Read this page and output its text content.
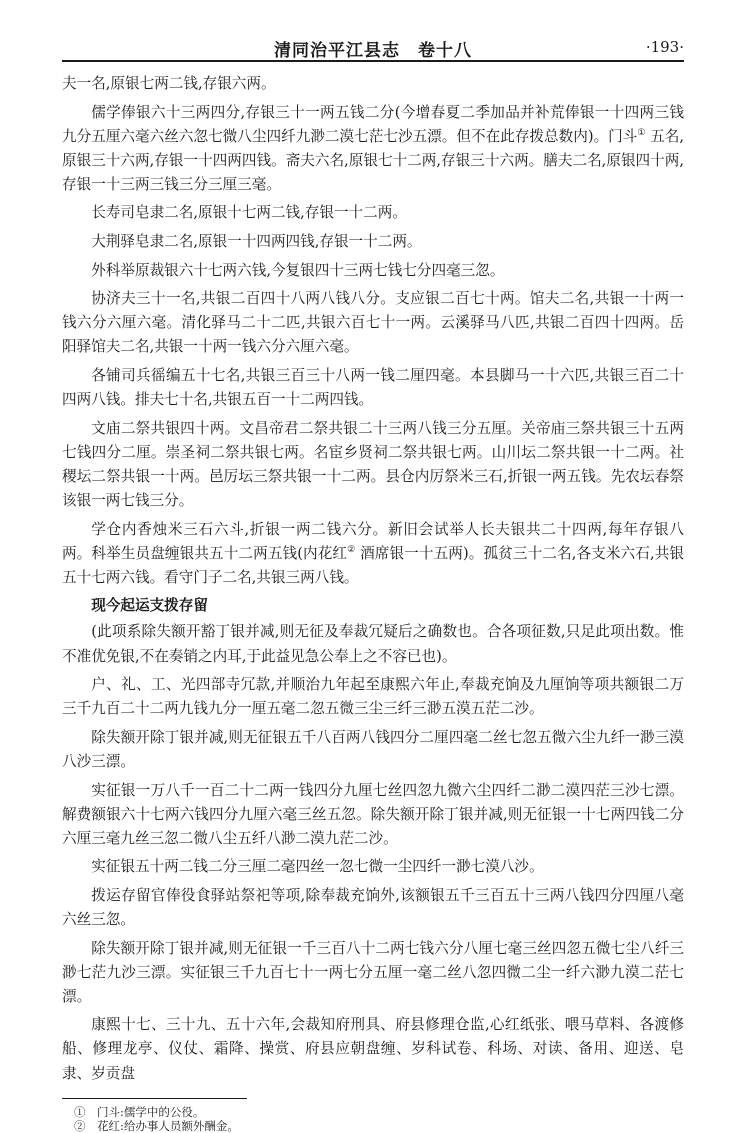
清同治平江县志　卷十八	·193·

夫一名,原银七两二钱,存银六两。

儒学俸银六十三两四分,存银三十一两五钱二分(今增春夏二季加品并补荒俸银一十四两三钱九分五厘六毫六丝六忽七微八尘四纤九渺二漠七茫七沙五漂。但不在此存拨总数内)。门斗① 五名,原银三十六两,存银一十四两四钱。斋夫六名,原银七十二两,存银三十六两。膳夫二名,原银四十两,存银一十三两三钱三分三厘三毫。

长寿司皂隶二名,原银十七两二钱,存银一十二两。

大荆驿皂隶二名,原银一十四两四钱,存银一十二两。

外科举原裁银六十七两六钱,今复银四十三两七钱七分四毫三忽。

协济夫三十一名,共银二百四十八两八钱八分。支应银二百七十两。馆夫二名,共银一十两一钱六分六厘六毫。清化驿马二十二匹,共银六百七十一两。云溪驿马八匹,共银二百四十四两。岳阳驿馆夫二名,共银一十两一钱六分六厘六毫。

各铺司兵徭编五十七名,共银三百三十八两一钱二厘四毫。本县脚马一十六匹,共银三百二十四两八钱。排夫七十名,共银五百一十二两四钱。

文庙二祭共银四十两。文昌帝君二祭共银二十三两八钱三分五厘。关帝庙三祭共银三十五两七钱四分二厘。崇圣祠二祭共银七两。名宦乡贤祠二祭共银七两。山川坛二祭共银一十二两。社稷坛二祭共银一十两。邑厉坛三祭共银一十二两。县仓内厉祭米三石,折银一两五钱。先农坛春祭该银一两七钱三分。

学仓内香烛米三石六斗,折银一两二钱六分。新旧会试举人长夫银共二十四两,每年存银八两。科举生员盘缠银共五十二两五钱(内花红② 酒席银一十五两)。孤贫三十二名,各支米六石,共银五十七两六钱。看守门子二名,共银三两八钱。

现今起运支拨存留

(此项系除失额开豁丁银并减,则无征及奉裁冗疑后之确数也。合各项征数,只足此项出数。惟不准优免银,不在奏销之内耳,于此益见急公奉上之不容已也)。

户、礼、工、光四部寺冗款,并顺治九年起至康熙六年止,奉裁充饷及九厘饷等项共额银二万三千九百二十二两九钱九分一厘五毫二忽五微三尘三纤三渺五漠五茫二沙。

除失额开除丁银并减,则无征银五千八百两八钱四分二厘四毫二丝七忽五微六尘九纤一渺三漠八沙三漂。

实征银一万八千一百二十二两一钱四分九厘七丝四忽九微六尘四纤二渺二漠四茫三沙七漂。解费额银六十七两六钱四分九厘六毫三丝五忽。除失额开除丁银并减,则无征银一十七两四钱二分六厘三毫九丝三忽二微八尘五纤八渺二漠九茫二沙。

实征银五十两二钱二分三厘二毫四丝一忽七微一尘四纤一渺七漠八沙。

拨运存留官俸役食驿站祭祀等项,除奉裁充饷外,该额银五千三百五十三两八钱四分四厘八毫六丝三忽。

除失额开除丁银并减,则无征银一千三百八十二两七钱六分八厘七毫三丝四忽五微七尘八纤三渺七茫九沙三漂。实征银三千九百七十一两七分五厘一毫二丝八忽四微二尘一纤六渺九漠二茫七漂。

康熙十七、三十九、五十六年,会裁知府刑具、府县修理仓监,心红纸张、喂马草料、各渡修船、修理龙亭、仪仗、霜降、操赏、府县应朝盘缠、岁科试卷、科场、对读、备用、迎送、皂隶、岁贡盘

①　门斗:儒学中的公役。
②　花红:给办事人员额外酬金。
